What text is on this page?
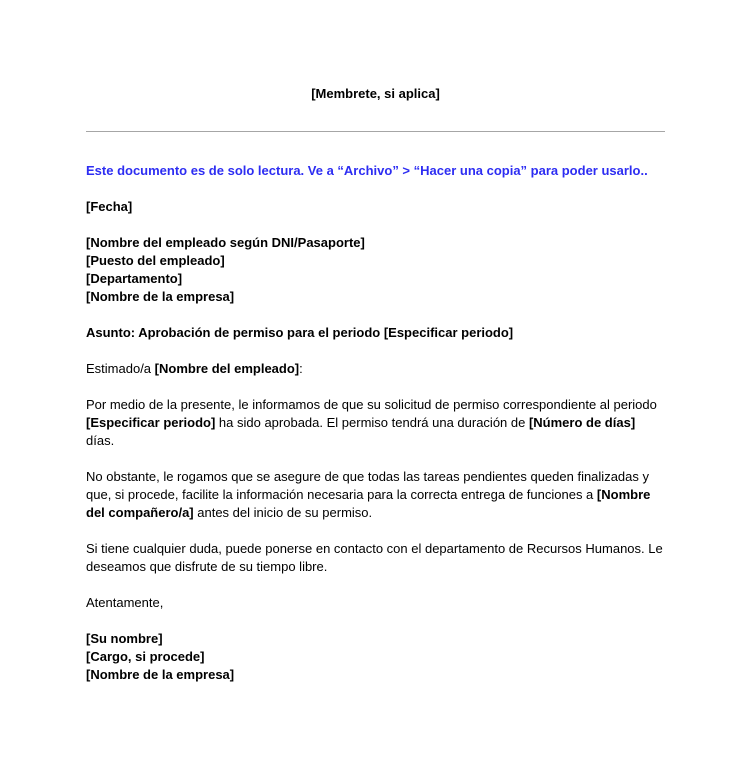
[Membrete, si aplica]

Este documento es de solo lectura. Ve a “Archivo” > “Hacer una copia” para poder usarlo..

[Fecha]

[Nombre del empleado según DNI/Pasaporte]
[Puesto del empleado]
[Departamento]
[Nombre de la empresa]

Asunto: Aprobación de permiso para el periodo [Especificar periodo]

Estimado/a [Nombre del empleado]:

Por medio de la presente, le informamos de que su solicitud de permiso correspondiente al periodo [Especificar periodo] ha sido aprobada. El permiso tendrá una duración de [Número de días] días.

No obstante, le rogamos que se asegure de que todas las tareas pendientes queden finalizadas y que, si procede, facilite la información necesaria para la correcta entrega de funciones a [Nombre del compañero/a] antes del inicio de su permiso.

Si tiene cualquier duda, puede ponerse en contacto con el departamento de Recursos Humanos. Le deseamos que disfrute de su tiempo libre.

Atentamente,

[Su nombre]
[Cargo, si procede]
[Nombre de la empresa]
